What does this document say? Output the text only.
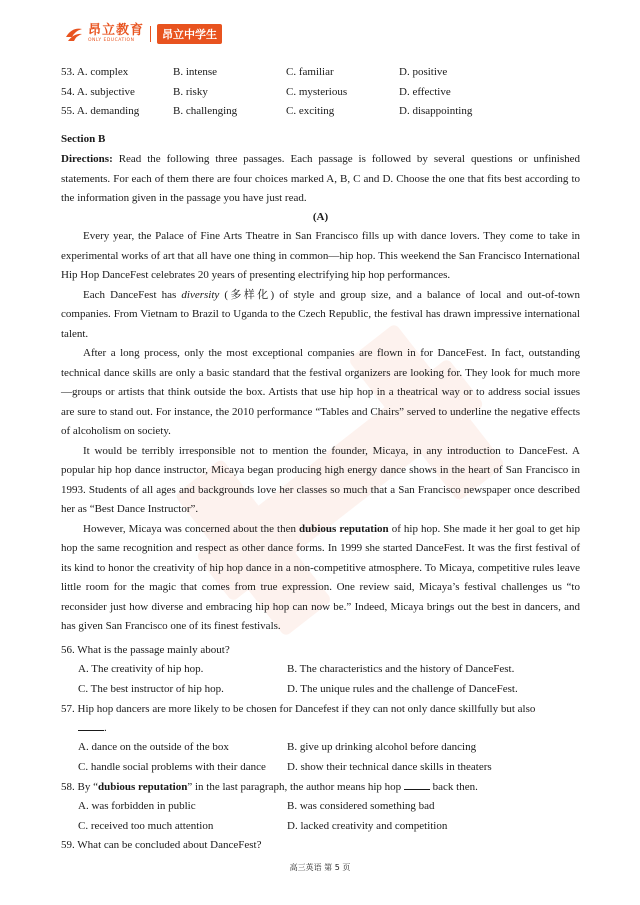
昂立教育
ONLY EDUCATION	昂立中学生
53. A. complex	B. intense	C. familiar	D. positive
54. A. subjective	B. risky	C. mysterious	D. effective
55. A. demanding	B. challenging	C. exciting	D. disappointing
Section B
Directions: Read the following three passages. Each passage is followed by several questions or unfinished statements. For each of them there are four choices marked A, B, C and D. Choose the one that fits best according to the information given in the passage you have just read.
(A)

Every year, the Palace of Fine Arts Theatre in San Francisco fills up with dance lovers. They come to take in experimental works of art that all have one thing in common—hip hop. This weekend the San Francisco International Hip Hop DanceFest celebrates 20 years of presenting electrifying hip hop performances.

Each DanceFest has diversity (多样化) of style and group size, and a balance of local and out-of-town companies. From Vietnam to Brazil to Uganda to the Czech Republic, the festival has drawn impressive international talent.

After a long process, only the most exceptional companies are flown in for DanceFest. In fact, outstanding technical dance skills are only a basic standard that the festival organizers are looking for. They look for much more—groups or artists that think outside the box. Artists that use hip hop in a theatrical way or to address social issues are sure to stand out. For instance, the 2010 performance “Tables and Chairs” served to underline the negative effects of alcoholism on society.

It would be terribly irresponsible not to mention the founder, Micaya, in any introduction to DanceFest. A popular hip hop dance instructor, Micaya began producing high energy dance shows in the heart of San Francisco in 1993. Students of all ages and backgrounds love her classes so much that a San Francisco newspaper once described her as “Best Dance Instructor”.

However, Micaya was concerned about the then dubious reputation of hip hop. She made it her goal to get hip hop the same recognition and respect as other dance forms. In 1999 she started DanceFest. It was the first festival of its kind to honor the creativity of hip hop dance in a non-competitive atmosphere. To Micaya, competitive rules leave little room for the magic that comes from true expression. One review said, Micaya’s festival challenges us “to reconsider just how diverse and embracing hip hop can now be.” Indeed, Micaya brings out the best in dancers, and has given San Francisco one of its finest festivals.

56. What is the passage mainly about?
A. The creativity of hip hop.	B. The characteristics and the history of DanceFest.
C. The best instructor of hip hop.	D. The unique rules and the challenge of DanceFest.
57. Hip hop dancers are more likely to be chosen for Dancefest if they can not only dance skillfully but also
.
A. dance on the outside of the box	B. give up drinking alcohol before dancing
C. handle social problems with their dance D. show their technical dance skills in theaters
58. By “dubious reputation” in the last paragraph, the author means hip hop	back then.
A. was forbidden in public	B. was considered something bad
C. received too much attention	D. lacked creativity and competition
59. What can be concluded about DanceFest?
高三英语 第 5 页
